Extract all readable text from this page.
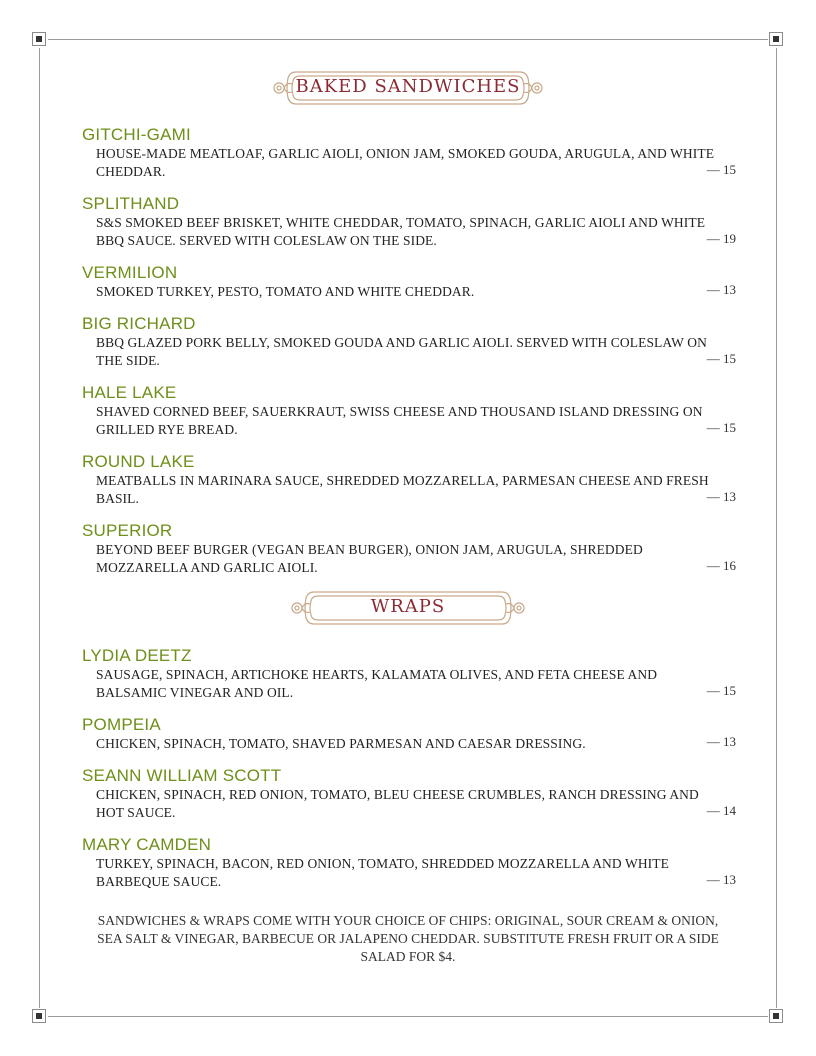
BAKED SANDWICHES
GITCHI-GAMI
HOUSE-MADE MEATLOAF, GARLIC AIOLI, ONION JAM, SMOKED GOUDA, ARUGULA, AND WHITE CHEDDAR.	— 15
SPLITHAND
S&S SMOKED BEEF BRISKET, WHITE CHEDDAR, TOMATO, SPINACH, GARLIC AIOLI AND WHITE BBQ SAUCE. SERVED WITH COLESLAW ON THE SIDE.	— 19
VERMILION
SMOKED TURKEY, PESTO, TOMATO AND WHITE CHEDDAR.	— 13
BIG RICHARD
BBQ GLAZED PORK BELLY, SMOKED GOUDA AND GARLIC AIOLI. SERVED WITH COLESLAW ON THE SIDE.	— 15
HALE LAKE
SHAVED CORNED BEEF, SAUERKRAUT, SWISS CHEESE AND THOUSAND ISLAND DRESSING ON GRILLED RYE BREAD.	— 15
ROUND LAKE
MEATBALLS IN MARINARA SAUCE, SHREDDED MOZZARELLA, PARMESAN CHEESE AND FRESH BASIL.	— 13
SUPERIOR
BEYOND BEEF BURGER (VEGAN BEAN BURGER), ONION JAM, ARUGULA, SHREDDED MOZZARELLA AND GARLIC AIOLI.	— 16
WRAPS
LYDIA DEETZ
SAUSAGE, SPINACH, ARTICHOKE HEARTS, KALAMATA OLIVES, AND FETA CHEESE AND BALSAMIC VINEGAR AND OIL.	— 15
POMPEIA
CHICKEN, SPINACH, TOMATO, SHAVED PARMESAN AND CAESAR DRESSING.	— 13
SEANN WILLIAM SCOTT
CHICKEN, SPINACH, RED ONION, TOMATO, BLEU CHEESE CRUMBLES, RANCH DRESSING AND HOT SAUCE.	— 14
MARY CAMDEN
TURKEY, SPINACH, BACON, RED ONION, TOMATO, SHREDDED MOZZARELLA AND WHITE BARBEQUE SAUCE.	— 13
SANDWICHES & WRAPS COME WITH YOUR CHOICE OF CHIPS: ORIGINAL, SOUR CREAM & ONION, SEA SALT & VINEGAR, BARBECUE OR JALAPENO CHEDDAR. SUBSTITUTE FRESH FRUIT OR A SIDE SALAD FOR $4.
